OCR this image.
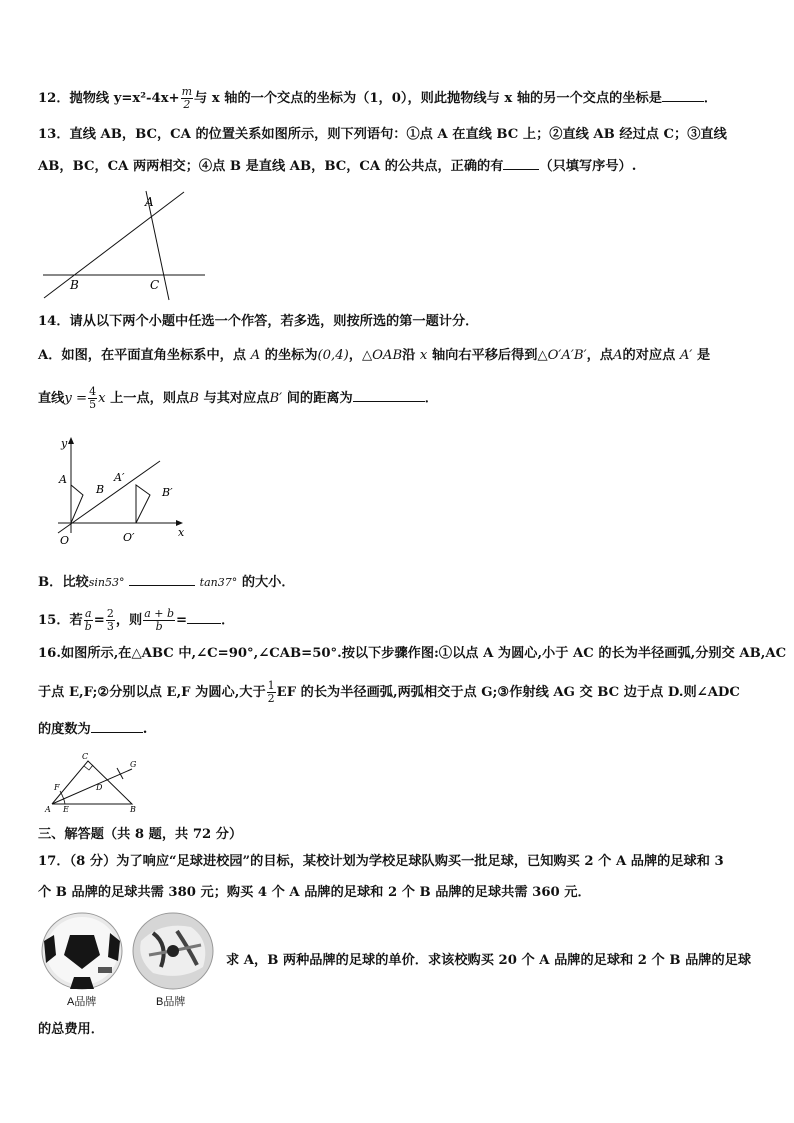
12．抛物线 $y=x^2-4x+ \frac{m}{2}$ 与 x 轴的一个交点的坐标为（1，0），则此抛物线与 x 轴的另一个交点的坐标是	．
13．直线 AB，BC，CA 的位置关系如图所示，则下列语句：①点 A 在直线 BC 上；②直线 AB 经过点 C；③直线
AB，BC，CA 两两相交；④点 B 是直线 AB，BC，CA 的公共点，正确的有	（只填写序号）.
A
B	C
14．请从以下两个小题中任选一个作答，若多选，则按所选的第一题计分．
A．如图，在平面直角坐标系中，点 A 的坐标为(0,4)，△OAB沿 x 轴向右平移后得到△O′A′B′，点A的对应点 A′ 是
直线$y = \frac{4}{5}$ x 上一点，则点B 与其对应点B′ 间的距离为	．
y
x
A
B
A′
B′
O	O′
B．比较sin53°	tan37° 的大小．
15．若 $\frac{a}{b} = \frac{2}{3}$ ，则 $\frac{a + b}{b}$ =	．
16.如图所示,在△ABC 中,∠C=90°,∠CAB=50°.按以下步骤作图:①以点 A 为圆心,小于 AC 的长为半径画弧,分别交 AB,AC
于点 E,F;②分别以点 E,F 为圆心,大于 $\frac{1}{2}$ EF 的长为半径画弧,两弧相交于点 G;③作射线 AG 交 BC 边于点 D.则∠ADC
的度数为	.
C
G
F	D
A E	B
三、解答题（共 8 题，共 72 分）
17．（8 分）为了响应“足球进校园”的目标，某校计划为学校足球队购买一批足球，已知购买 2 个 A 品牌的足球和 3
个 B 品牌的足球共需 380 元；购买 4 个 A 品牌的足球和 2 个 B 品牌的足球共需 360 元．
A品牌	B品牌
求 A，B 两种品牌的足球的单价．求该校购买 20 个 A 品牌的足球和 2 个 B 品牌的足球
的总费用．
